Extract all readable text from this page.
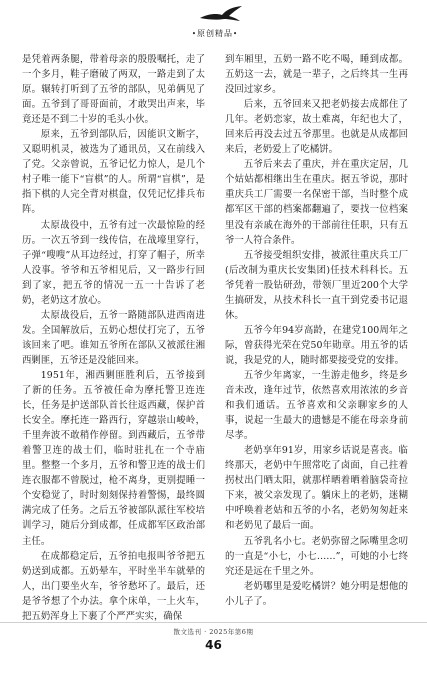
•原创精品•

是凭着两条腿，带着母亲的殷殷嘱托，走了一个多月，鞋子磨破了两双，一路走到了太原。辗转打听到了五爷的部队，见弟俩见了面。五爷到了哥哥面前，才敢哭出声来，毕竟还是不到二十岁的毛头小伙。

原来，五爷到部队后，因能识文断字，又聪明机灵，被选为了通讯员，又在前线入了党。父亲曾说，五爷记忆力惊人，是几个村子唯一能下“盲棋”的人。所谓“盲棋”，是指下棋的人完全背对棋盘，仅凭记忆排兵布阵。

太原战役中，五爷有过一次最惊险的经历。一次五爷到一线传信，在战壕里穿行，子弹“嗖嗖”从耳边经过，打穿了帽子，所幸人没事。爷爷和五爷相见后，又一路步行回到了家，把五爷的情况一五一十告诉了老奶，老奶这才放心。

太原战役后，五爷一路随部队进西南进发。全国解放后，五奶心想仗打完了，五爷该回来了吧。谁知五爷所在部队又被派往湘西剿匪，五爷还是没能回来。

1951年，湘西剿匪胜利后，五爷接到了新的任务。五爷被任命为摩托警卫连连长，任务是护送部队首长往返西藏，保护首长安全。摩托连一路西行，穿越崇山峻岭，千里奔波不敢稍作停留。到西藏后，五爷带着警卫连的战士们，临时驻扎在一个寺庙里。整整一个多月，五爷和警卫连的战士们连衣服都不曾脱过，枪不离身，更别提睡一个安稳觉了，时时刻刻保持着警惕，最终圆满完成了任务。之后五爷被部队派往军校培训学习，随后分到成都，任成都军区政治部主任。

在成都稳定后，五爷拍电报叫爷爷把五奶送到成都。五奶晕车，平时坐半车就晕的人，出门要坐火车，爷爷愁坏了。最后，还是爷爷想了个办法。拿个床单，一上火车，把五奶浑身上下裹了个严严实实，确保

到车厢里，五奶一路不吃不喝，睡到成都。五奶这一去，就是一辈子，之后终其一生再没回过家乡。

后来，五爷回来又把老奶接去成都住了几年。老奶恋家，故土难离，年纪也大了，回来后再没去过五爷那里。也就是从成都回来后，老奶爱上了吃橘饼。

五爷后来去了重庆，并在重庆定居，几个姑姑都相继出生在重庆。据五爷说，那时重庆兵工厂需要一名保密干部，当时整个成都军区干部的档案都翻遍了，要找一位档案里没有亲戚在海外的干部前往任职，只有五爷一人符合条件。

五爷接受组织安排，被派往重庆兵工厂(后改制为重庆长安集团)任技术科科长。五爷凭着一股钻研劲，带领厂里近200个大学生搞研发，从技术科长一直干到党委书记退休。

五爷今年94岁高龄，在建党100周年之际，曾获得光荣在党50年勋章。用五爷的话说，我是党的人，随时都要接受党的安排。

五爷少年离家，一生游走他乡，终是乡音未改，逢年过节，依然喜欢用浓浓的乡音和我们通话。五爷喜欢和父亲聊家乡的人事，说起一生最大的遗憾是不能在母亲身前尽孝。

老奶享年91岁，用家乡话说是喜丧。临终那天，老奶中午照常吃了卤面，自己拄着拐杖出门晒太阳，就那样晒着晒着脑袋奇拉下来，被父亲发现了。躺床上的老奶，迷糊中呼唤着老姑和五爷的小名，老奶匆匆赶来和老奶见了最后一面。

五爷乳名小七。老奶弥留之际嘴里念叨的一直是“小七，小七……”，可她的小七终究还是远在千里之外。

老奶哪里是爱吃橘饼？她分明是想他的小儿子了。

散文选刊 · 2025年第6期
46
